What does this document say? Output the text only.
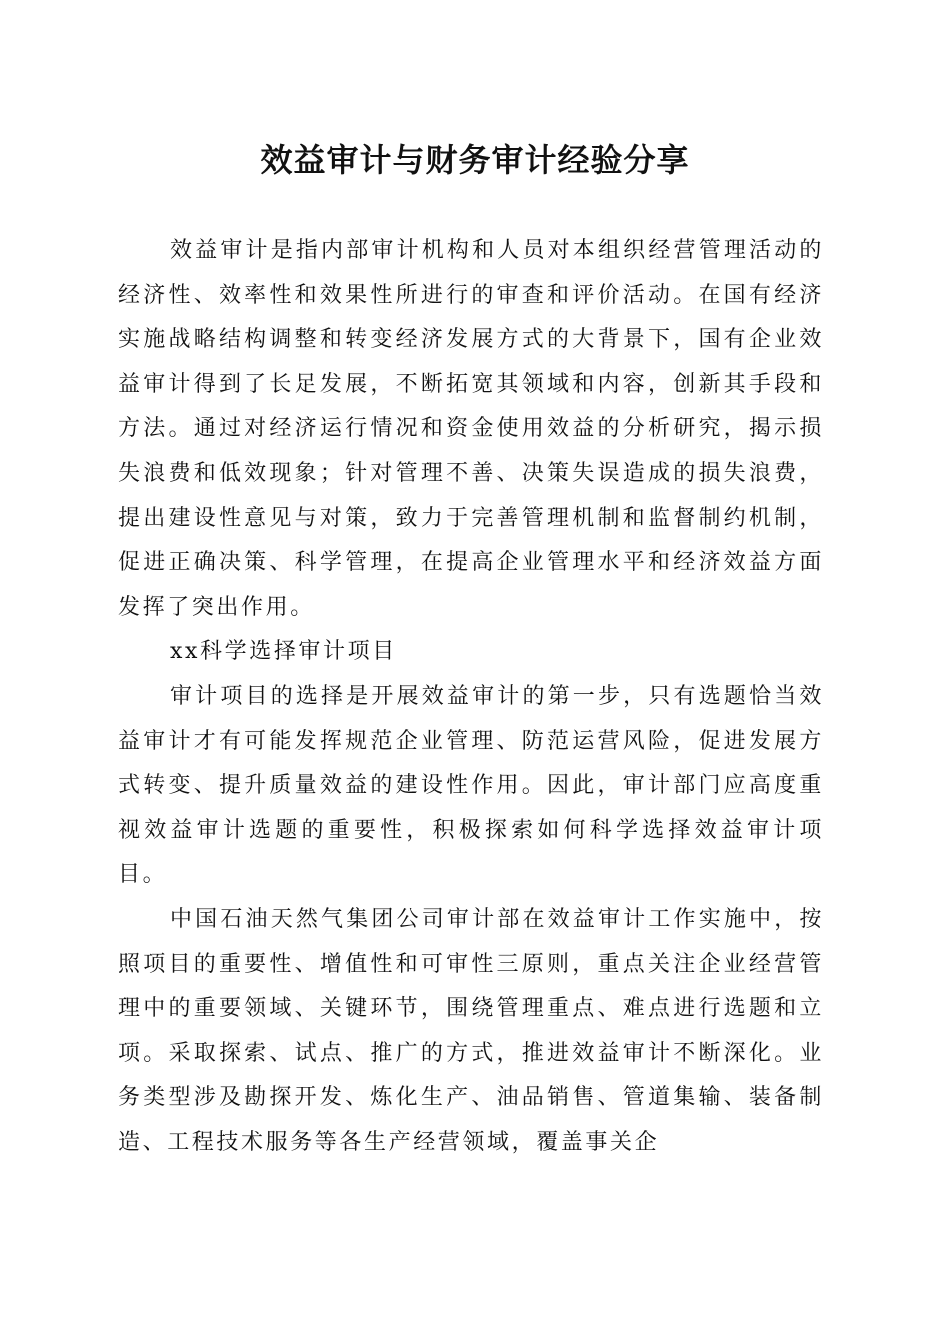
效益审计与财务审计经验分享

效益审计是指内部审计机构和人员对本组织经营管理活动的经济性、效率性和效果性所进行的审查和评价活动。在国有经济实施战略结构调整和转变经济发展方式的大背景下，国有企业效益审计得到了长足发展，不断拓宽其领域和内容，创新其手段和方法。通过对经济运行情况和资金使用效益的分析研究，揭示损失浪费和低效现象；针对管理不善、决策失误造成的损失浪费，提出建设性意见与对策，致力于完善管理机制和监督制约机制，促进正确决策、科学管理，在提高企业管理水平和经济效益方面发挥了突出作用。

xx科学选择审计项目

审计项目的选择是开展效益审计的第一步，只有选题恰当效益审计才有可能发挥规范企业管理、防范运营风险，促进发展方式转变、提升质量效益的建设性作用。因此，审计部门应高度重视效益审计选题的重要性，积极探索如何科学选择效益审计项目。

中国石油天然气集团公司审计部在效益审计工作实施中，按照项目的重要性、增值性和可审性三原则，重点关注企业经营管理中的重要领域、关键环节，围绕管理重点、难点进行选题和立项。采取探索、试点、推广的方式，推进效益审计不断深化。业务类型涉及勘探开发、炼化生产、油品销售、管道集输、装备制造、工程技术服务等各生产经营领域，覆盖事关企
